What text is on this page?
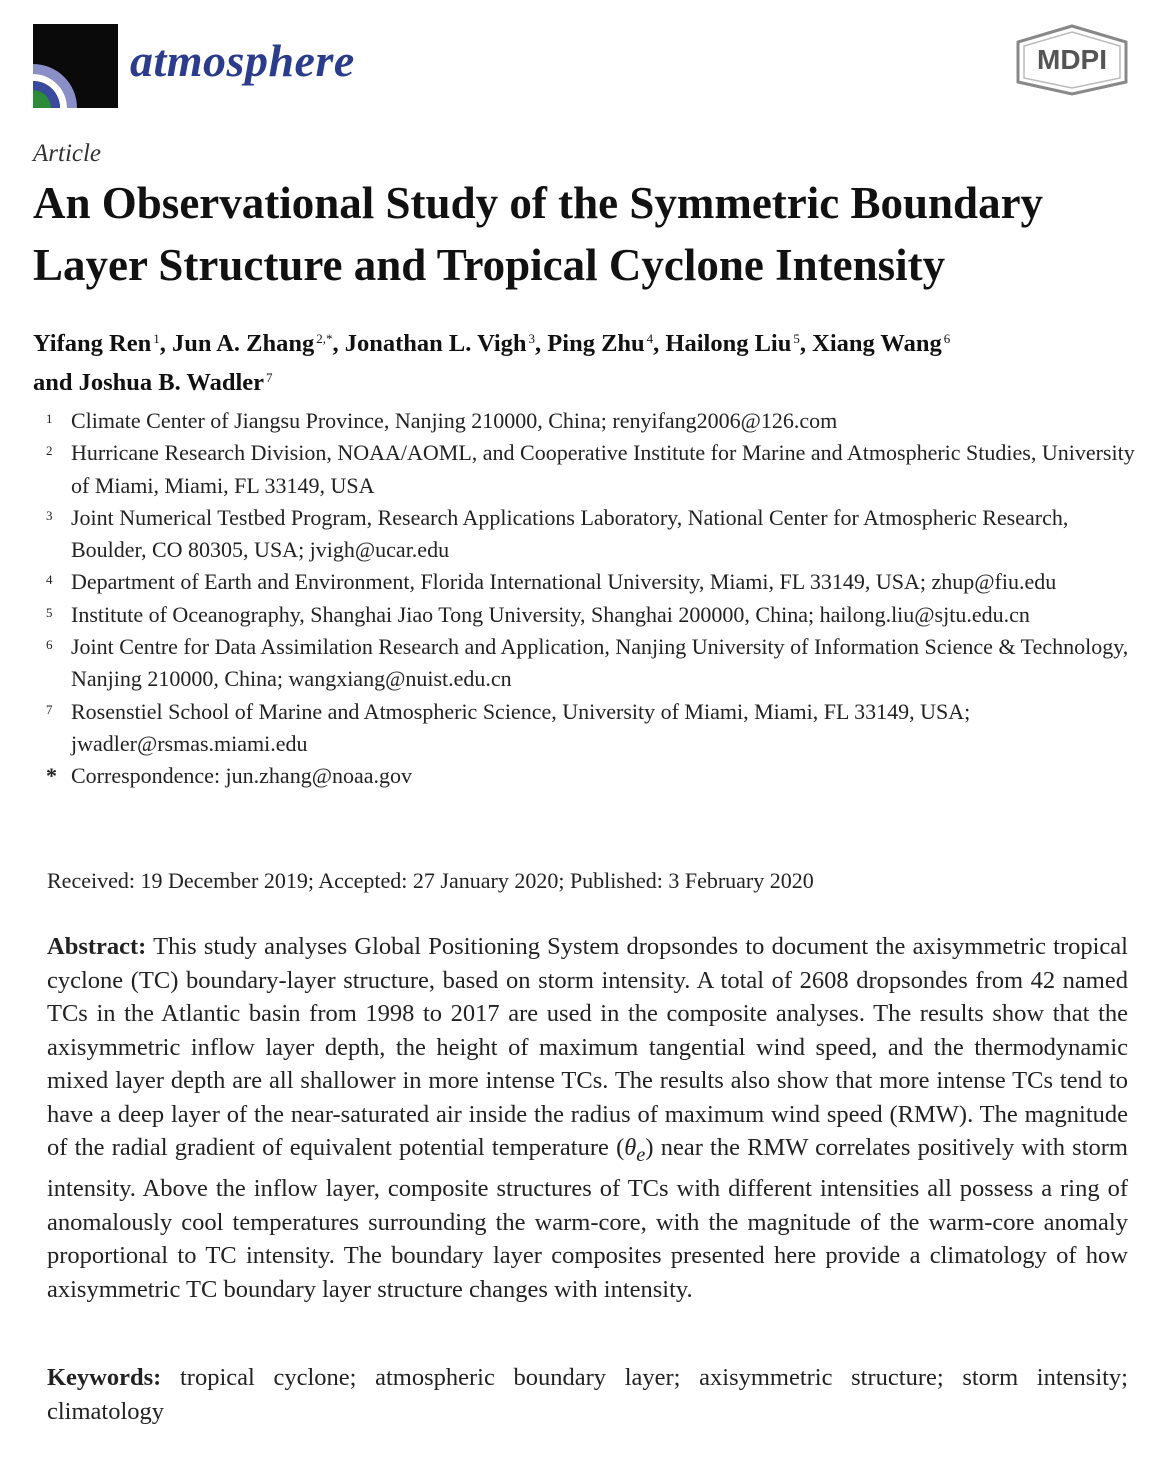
atmosphere	MDPI
Article
An Observational Study of the Symmetric Boundary Layer Structure and Tropical Cyclone Intensity
Yifang Ren $^1$, Jun A. Zhang $^{2,*}$, Jonathan L. Vigh $^3$, Ping Zhu $^4$, Hailong Liu $^5$, Xiang Wang $^6$
and Joshua B. Wadler $^7$
1 Climate Center of Jiangsu Province, Nanjing 210000, China; renyifang2006@126.com
2 Hurricane Research Division, NOAA/AOML, and Cooperative Institute for Marine and Atmospheric Studies, University of Miami, Miami, FL 33149, USA
3 Joint Numerical Testbed Program, Research Applications Laboratory, National Center for Atmospheric Research, Boulder, CO 80305, USA; jvigh@ucar.edu
4 Department of Earth and Environment, Florida International University, Miami, FL 33149, USA; zhup@fiu.edu
5 Institute of Oceanography, Shanghai Jiao Tong University, Shanghai 200000, China; hailong.liu@sjtu.edu.cn
6 Joint Centre for Data Assimilation Research and Application, Nanjing University of Information Science & Technology, Nanjing 210000, China; wangxiang@nuist.edu.cn
7 Rosenstiel School of Marine and Atmospheric Science, University of Miami, Miami, FL 33149, USA; jwadler@rsmas.miami.edu
* Correspondence: jun.zhang@noaa.gov
Received: 19 December 2019; Accepted: 27 January 2020; Published: 3 February 2020

Abstract: This study analyses Global Positioning System dropsondes to document the axisymmetric tropical cyclone (TC) boundary-layer structure, based on storm intensity. A total of 2608 dropsondes from 42 named TCs in the Atlantic basin from 1998 to 2017 are used in the composite analyses. The results show that the axisymmetric inflow layer depth, the height of maximum tangential wind speed, and the thermodynamic mixed layer depth are all shallower in more intense TCs. The results also show that more intense TCs tend to have a deep layer of the near-saturated air inside the radius of maximum wind speed (RMW). The magnitude of the radial gradient of equivalent potential temperature $(\theta_e)$ near the RMW correlates positively with storm intensity. Above the inflow layer, composite structures of TCs with different intensities all possess a ring of anomalously cool temperatures surrounding the warm-core, with the magnitude of the warm-core anomaly proportional to TC intensity. The boundary layer composites presented here provide a climatology of how axisymmetric TC boundary layer structure changes with intensity.

Keywords: tropical cyclone; atmospheric boundary layer; axisymmetric structure; storm intensity; climatology
